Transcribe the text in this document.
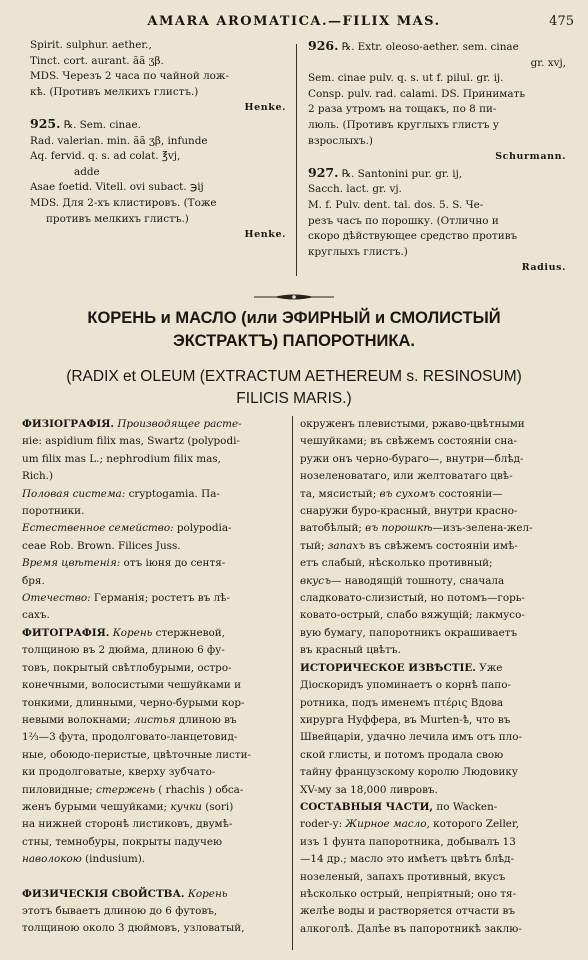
AMARA AROMATICA.—FILIX MAS.	475
Spirit. sulphur. aether.,
Tinct. cort. aurant. ãã ʒβ.
MDS. Черезъ 2 часа по чайной лож-
кѣ. (Противъ мелкихъ глистъ.)
Henke.
925. ℞. Sem. cinae.
Rad. valerian. min. ãã ʒβ, infunde
Aq. fervid. q. s. ad colat. ℥vj,
adde
Asae foetid. Vitell. ovi subact. ℈ij
MDS. Для 2-хъ клистировъ. (Тоже
противъ мелкихъ глистъ.)
Henke.
926. ℞. Extr. oleoso-aether. sem. cinae
gr. xvj,
Sem. cinae pulv. q. s. ut f. pilul. gr. ij.
Consp. pulv. rad. calami. DS. Принимать
2 раза утромъ на тощакъ, по 8 пи-
люль. (Противъ круглыхъ глистъ у
взрослыхъ.)
Schurmann.
927. ℞. Santonini pur. gr. ij,
Sacch. lact. gr. vj.
M. f. Pulv. dent. tal. dos. 5. S. Че-
резъ часъ по порошку. (Отлично и
скоро дѣйствующее средство противъ
круглыхъ глистъ.)
Radius.
КОРЕНЬ и МАСЛО (или ЭФИРНЫЙ и СМОЛИСТЫЙ
ЭКСТРАКТЪ) ПАПОРОТНИКА.
(RADIX et OLEUM (EXTRACTUM AETHEREUM s. RESINOSUM)
FILICIS MARIS.)
ФИЗІОГРАФІЯ. Производящее расте-
ніе: aspidium filix mas, Swartz (polypodi-
um filix mas L.; nephrodium filix mas,
Rich.)
Половая система: cryptogamia. Па-
поротники.
Естественное семейство: polypodia-
ceae Rob. Brown. Filices Juss.
Время цвѣтенія: отъ іюня до сентя-
бря.
Отечество: Германія; ростетъ въ лѣ-
сахъ.
ФИТОГРАФІЯ. Корень стержневой,
толщиною въ 2 дюйма, длиною 6 фу-
товъ, покрытый свѣтлобурыми, остро-
конечными, волосистыми чешуйками и
тонкими, длинными, черно-бурыми кор-
невыми волокнами; листья длиною въ
1⅔—3 фута, продолговато-ланцетовид-
ные, обоюдо-перистые, цвѣточные листи-
ки продолговатые, кверху зубчато-
пиловидные; стержень ( rhachis ) обса-
женъ бурыми чешуйками; кучки (sori)
на нижней сторонѣ листиковъ, двумѣ-
стны, темнобуры, покрыты падучею
наволокою (indusium).
ФИЗИЧЕСКІЯ СВОЙСТВА. Корень
этотъ бываетъ длиною до 6 футовъ,
толщиною около 3 дюймовъ, узловатый,
окруженъ плевистыми, ржаво-цвѣтными
чешуйками; въ свѣжемъ состояніи сна-
ружи онъ черно-бураго—, внутри—блѣд-
нозеленоватаго, или желтоватаго цвѣ-
та, мясистый; въ сухомъ состояніи—
снаружи буро-красный, внутри красно-
ватобѣлый; въ порошкѣ—изъ-зелена-жел-
тый; запахъ въ свѣжемъ состояніи имѣ-
етъ слабый, нѣсколько противный;
вкусъ— наводящій тошноту, сначала
сладковато-слизистый, но потомъ—горь-
ковато-острый, слабо вяжущій; лакмусо-
вую бумагу, папоротникъ окрашиваетъ
въ красный цвѣтъ.
ИСТОРИЧЕСКОЕ ИЗВѢСТІЕ. Уже
Діоскоридъ упоминаетъ о корнѣ папо-
ротника, подъ именемъ πτέρις Вдова
хирурга Нуффера, въ Murten-ѣ, что въ
Швейцаріи, удачно лечила имъ отъ пло-
ской глисты, и потомъ продала свою
тайну французскому королю Людовику
XV-му за 18,000 ливровъ.
СОСТАВНЫЯ ЧАСТИ, по Wacken-
roder-у: Жирное масло, которого Zeller,
изъ 1 фунта папоротника, добывалъ 13
—14 др.; масло это имѣетъ цвѣтъ блѣд-
нозеленый, запахъ противный, вкусъ
нѣсколько острый, непріятный; оно тя-
желѣе воды и растворяется отчасти въ
алкоголѣ. Далѣе въ папоротникѣ заклю-
